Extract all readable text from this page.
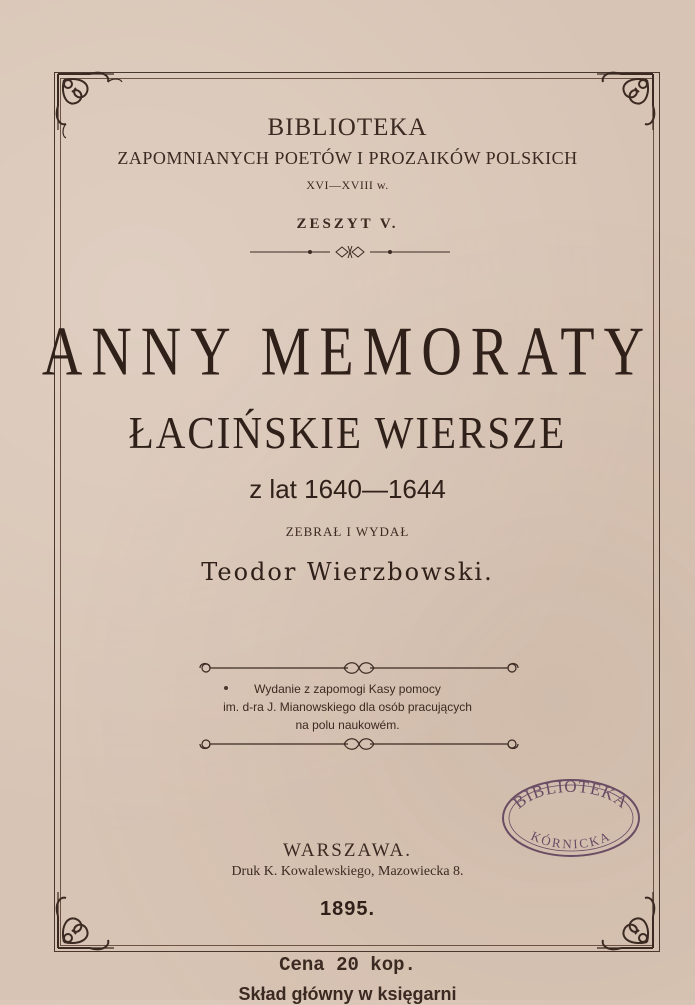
BIBLIOTEKA
ZAPOMNIANYCH POETÓW I PROZAIKÓW POLSKICH
XVI—XVIII w.
ZESZYT V.
ANNY MEMORATY
ŁACIŃSKIE WIERSZE
z lat 1640—1644
ZEBRAŁ I WYDAŁ
Teodor Wierzbowski.
Wydanie z zapomogi Kasy pomocy
im. d-ra J. Mianowskiego dla osób pracujących
na polu naukowém.
BIBLIOTEKA
KÓRNICKA
WARSZAWA.
Druk K. Kowalewskiego, Mazowiecka 8.
1895.
Cena 20 kop.
Skład główny w księgarni
